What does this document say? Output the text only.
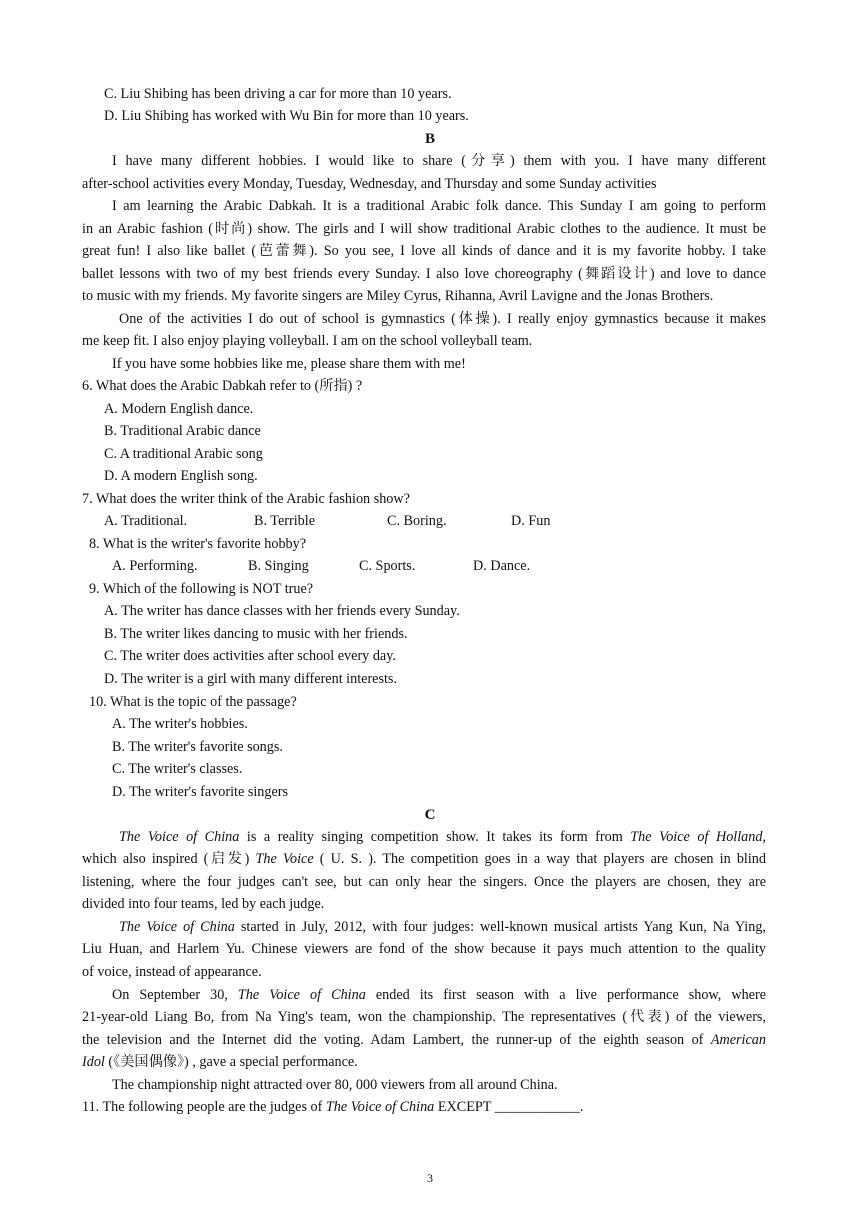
C. Liu Shibing has been driving a car for more than 10 years.
D. Liu Shibing has worked with Wu Bin for more than 10 years.
B
I have many different hobbies. I would like to share (分享) them with you. I have many different
after-school activities every Monday, Tuesday, Wednesday, and Thursday and some Sunday activities
I am learning the Arabic Dabkah. It is a traditional Arabic folk dance. This Sunday I am going to perform
in an Arabic fashion (时尚) show. The girls and I will show traditional Arabic clothes to the audience. It must be
great fun! I also like ballet (芭蕾舞). So you see, I love all kinds of dance and it is my favorite hobby. I take
ballet lessons with two of my best friends every Sunday. I also love choreography (舞蹈设计) and love to dance
to music with my friends. My favorite singers are Miley Cyrus, Rihanna, Avril Lavigne and the Jonas Brothers.
One of the activities I do out of school is gymnastics (体操). I really enjoy gymnastics because it makes
me keep fit. I also enjoy playing volleyball. I am on the school volleyball team.
If you have some hobbies like me, please share them with me!
6. What does the Arabic Dabkah refer to (所指) ?
A. Modern English dance.
B. Traditional Arabic dance
C. A traditional Arabic song
D. A modern English song.
7. What does the writer think of the Arabic fashion show?
A. Traditional.	B. Terrible	C. Boring.	D. Fun
8. What is the writer's favorite hobby?
A. Performing.	B. Singing	C. Sports.	D. Dance.
9. Which of the following is NOT true?
A. The writer has dance classes with her friends every Sunday.
B. The writer likes dancing to music with her friends.
C. The writer does activities after school every day.
D. The writer is a girl with many different interests.
10. What is the topic of the passage?
A. The writer's hobbies.
B. The writer's favorite songs.
C. The writer's classes.
D. The writer's favorite singers
C
The Voice of China is a reality singing competition show. It takes its form from The Voice of Holland,
which also inspired (启发) The Voice ( U. S. ). The competition goes in a way that players are chosen in blind
listening, where the four judges can't see, but can only hear the singers. Once the players are chosen, they are
divided into four teams, led by each judge.
The Voice of China started in July, 2012, with four judges: well-known musical artists Yang Kun, Na Ying,
Liu Huan, and Harlem Yu. Chinese viewers are fond of the show because it pays much attention to the quality
of voice, instead of appearance.
On September 30, The Voice of China ended its first season with a live performance show, where
21-year-old Liang Bo, from Na Ying's team, won the championship. The representatives (代表) of the viewers,
the television and the Internet did the voting. Adam Lambert, the runner-up of the eighth season of American
Idol (《美国偶像》) , gave a special performance.
The championship night attracted over 80, 000 viewers from all around China.
11. The following people are the judges of The Voice of China EXCEPT ____________.
3
